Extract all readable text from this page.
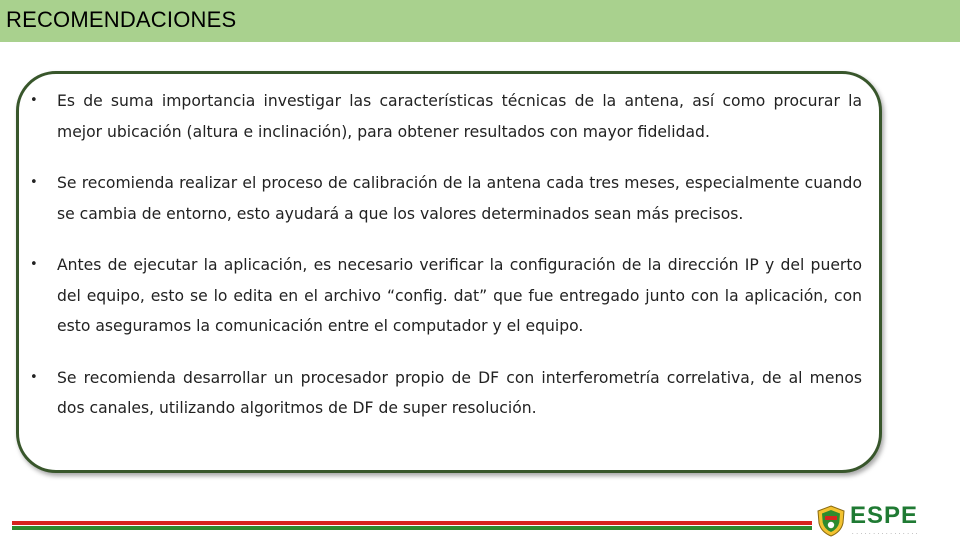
RECOMENDACIONES
• Es de suma importancia investigar las características técnicas de la antena, así como procurar la mejor ubicación (altura e inclinación), para obtener resultados con mayor fidelidad.
• Se recomienda realizar el proceso de calibración de la antena cada tres meses, especialmente cuando se cambia de entorno, esto ayudará a que los valores determinados sean más precisos.
• Antes de ejecutar la aplicación, es necesario verificar la configuración de la dirección IP y del puerto del equipo, esto se lo edita en el archivo “config. dat” que fue entregado junto con la aplicación, con esto aseguramos la comunicación entre el computador y el equipo.
• Se recomienda desarrollar un procesador propio de DF con interferometría correlativa, de al menos dos canales, utilizando algoritmos de DF de super resolución.
ESPE
· · · · · · · · · · · · · · · ·
